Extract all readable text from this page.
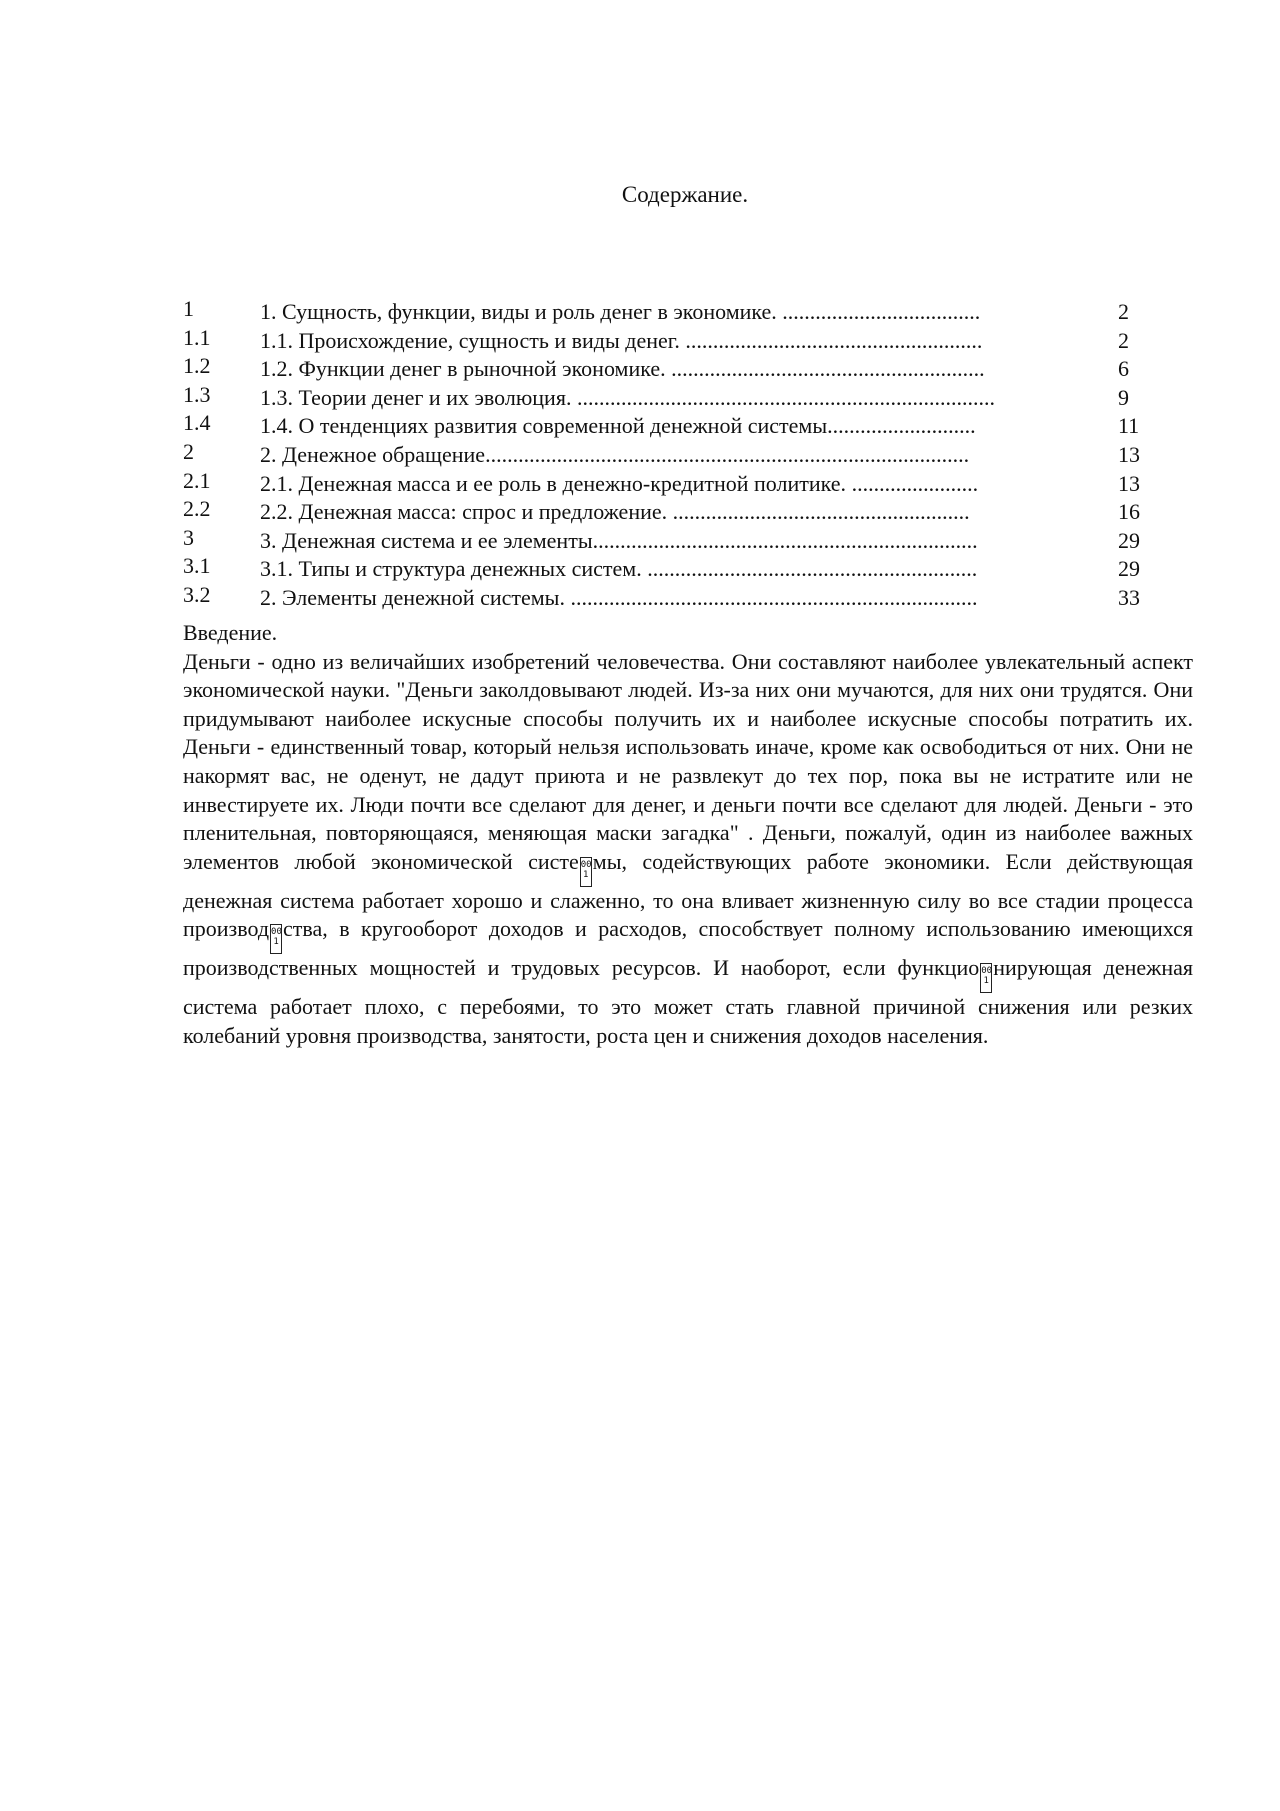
Содержание.
1	1. Сущность, функции, виды и роль денег в экономике. ....................................	2
1.1 1.1. Происхождение, сущность и виды денег. ......................................................	2
1.2 1.2. Функции денег в рыночной экономике. .........................................................	6
1.3 1.3. Теории денег и их эволюция. ............................................................................	9
1.4 1.4. О тенденциях развития современной денежной системы...........................	11
2	2. Денежное обращение........................................................................................	13
2.1 2.1. Денежная масса и ее роль в денежно-кредитной политике. .......................	13
2.2 2.2. Денежная масса: спрос и предложение. ......................................................	16
3	3. Денежная система и ее элементы......................................................................	29
3.1 3.1. Типы и структура денежных систем. ............................................................	29
3.2 2. Элементы денежной системы. ..........................................................................	33
Введение.

Деньги - одно из величайших изобретений человечества. Они составляют наиболее увлекательный аспект экономической науки. "Деньги заколдовывают людей. Из-за них они мучаются, для них они трудятся. Они придумывают наиболее искусные способы получить их и наиболее искусные способы потратить их. Деньги - единственный товар, который нельзя использовать иначе, кроме как освободиться от них. Они не накормят вас, не оденут, не дадут приюта и не развлекут до тех пор, пока вы не истратите или не инвестируете их. Люди почти все сделают для денег, и деньги почти все сделают для людей. Деньги - это пленительная, повторяющаяся, меняющая маски загадка" . Деньги, пожалуй, один из наиболее важных элементов любой экономической систе 00 1мы, содействующих работе экономики. Если действующая денежная система работает хорошо и слаженно, то она вливает жизненную силу во все стадии процесса производ 00 1ства, в кругооборот доходов и расходов, способствует полному использованию имеющихся производственных мощностей и трудовых ресурсов. И наоборот, если функцио 00 1нирующая денежная система работает плохо, с перебоями, то это может стать главной причиной снижения или резких колебаний уровня производства, занятости, роста цен и снижения доходов населения.
